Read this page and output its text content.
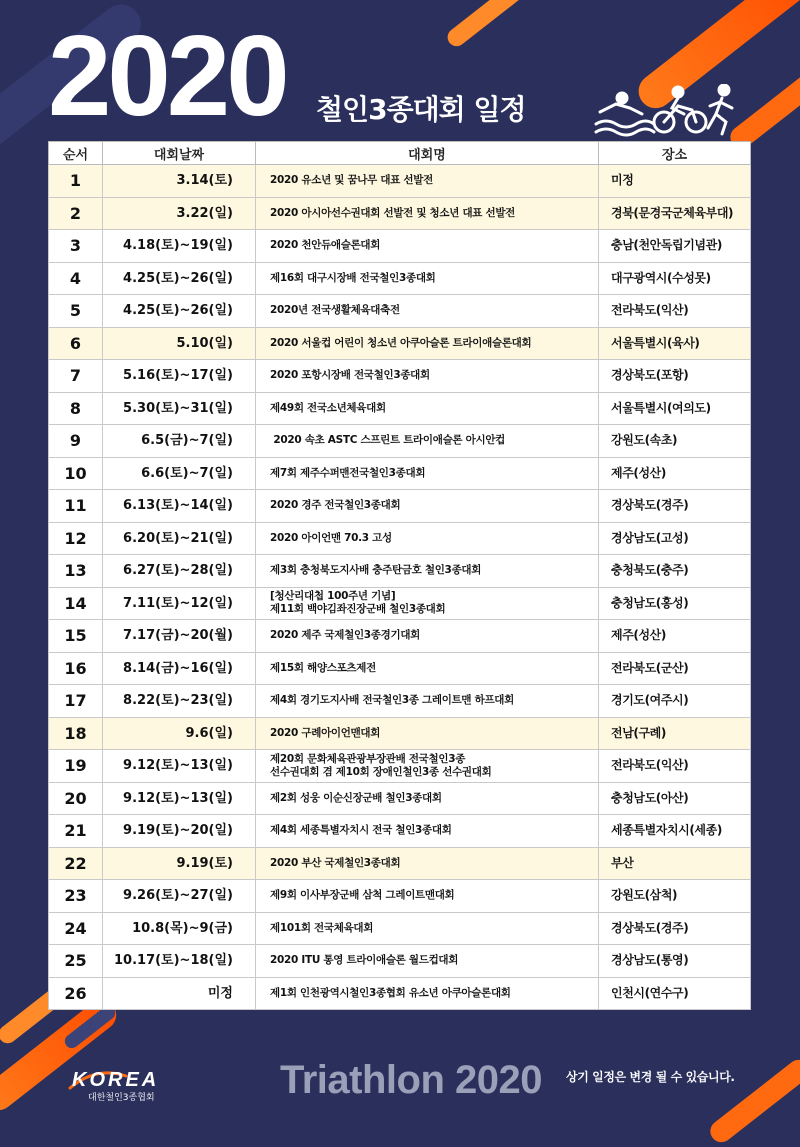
2020 철인3종대회 일정
순서	대회날짜	대회명	장소
1	3.14(토)	2020 유소년 및 꿈나무 대표 선발전	미정
2	3.22(일)	2020 아시아선수권대회 선발전 및 청소년 대표 선발전	경북(문경국군체육부대)
3	4.18(토)~19(일)	2020 천안듀애슬론대회	충남(천안독립기념관)
4	4.25(토)~26(일)	제16회 대구시장배 전국철인3종대회	대구광역시(수성못)
5	4.25(토)~26(일)	2020년 전국생활체육대축전	전라북도(익산)
6	5.10(일)	2020 서울컵 어린이 청소년 아쿠아슬론 트라이애슬론대회	서울특별시(육사)
7	5.16(토)~17(일)	2020 포항시장배 전국철인3종대회	경상북도(포항)
8	5.30(토)~31(일)	제49회 전국소년체육대회	서울특별시(여의도)
9	6.5(금)~7(일)	2020 속초 ASTC 스프린트 트라이애슬론 아시안컵	강원도(속초)
10	6.6(토)~7(일)	제7회 제주수퍼맨전국철인3종대회	제주(성산)
11	6.13(토)~14(일)	2020 경주 전국철인3종대회	경상북도(경주)
12	6.20(토)~21(일)	2020 아이언맨 70.3 고성	경상남도(고성)
13	6.27(토)~28(일)	제3회 충청북도지사배 충주탄금호 철인3종대회	충청북도(충주)
14	7.11(토)~12(일)	[청산리대첩 100주년 기념]
제11회 백야김좌진장군배 철인3종대회	충청남도(홍성)
15	7.17(금)~20(월)	2020 제주 국제철인3종경기대회	제주(성산)
16	8.14(금)~16(일)	제15회 해양스포츠제전	전라북도(군산)
17	8.22(토)~23(일)	제4회 경기도지사배 전국철인3종 그레이트맨 하프대회	경기도(여주시)
18	9.6(일)	2020 구례아이언맨대회	전남(구례)
19	9.12(토)~13(일)	제20회 문화체육관광부장관배 전국철인3종
선수권대회 겸 제10회 장애인철인3종 선수권대회	전라북도(익산)
20	9.12(토)~13(일)	제2회 성웅 이순신장군배 철인3종대회	충청남도(아산)
21	9.19(토)~20(일)	제4회 세종특별자치시 전국 철인3종대회	세종특별자치시(세종)
22	9.19(토)	2020 부산 국제철인3종대회	부산
23	9.26(토)~27(일)	제9회 이사부장군배 삼척 그레이트맨대회	강원도(삼척)
24	10.8(목)~9(금)	제101회 전국체육대회	경상북도(경주)
25	10.17(토)~18(일)	2020 ITU 통영 트라이애슬론 월드컵대회	경상남도(통영)
26	미정	제1회 인천광역시철인3종협회 유소년 아쿠아슬론대회	인천시(연수구)
KOREA
대한철인3종협회	Triathlon 2020 상기 일정은 변경 될 수 있습니다.
